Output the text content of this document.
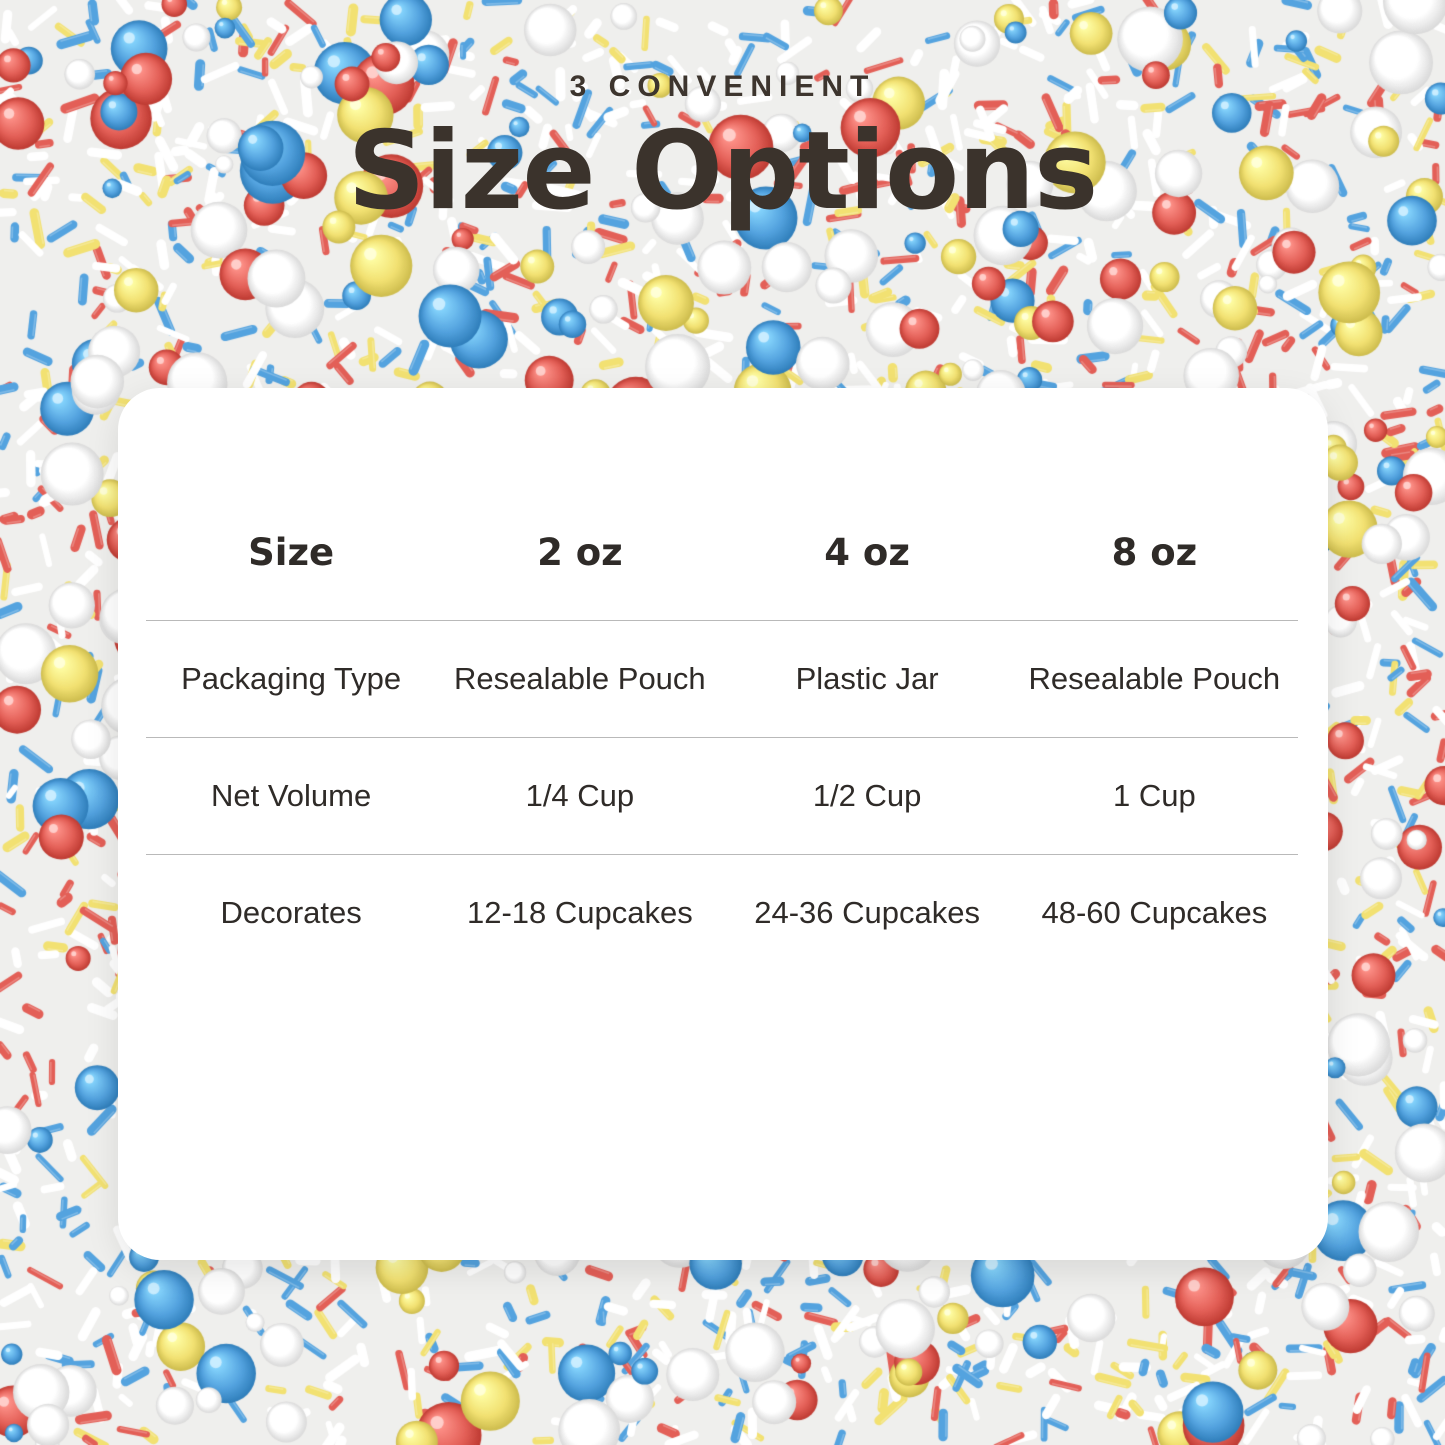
3 CONVENIENT

Size Options
Size	2 oz	4 oz	8 oz
Packaging Type	Resealable Pouch	Plastic Jar	Resealable Pouch
Net Volume	1/4 Cup	1/2 Cup	1 Cup
Decorates	12-18 Cupcakes	24-36 Cupcakes	48-60 Cupcakes
